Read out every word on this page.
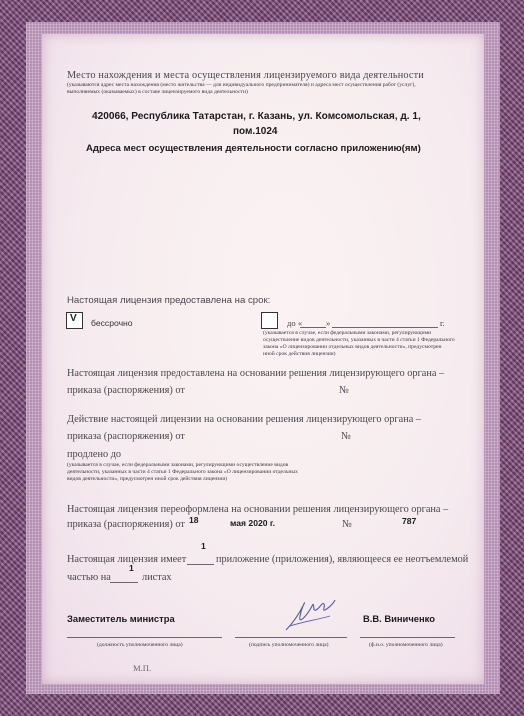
Место нахождения и места осуществления лицензируемого вида деятельности
(указываются адрес места нахождения (место жительства — для индивидуального предпринимателя) и адреса мест осуществления работ (услуг),
выполняемых (оказываемых) в составе лицензируемого вида деятельности)
420066, Республика Татарстан, г. Казань, ул. Комсомольская, д. 1,
пом.1024
Адреса мест осуществления деятельности согласно приложению(ям)
Настоящая лицензия предоставлена на срок:
V бессрочно	до «	»	г.
(указывается в случае, если федеральными законами, регулирующими
осуществление видов деятельности, указанных в части 4 статьи 1 Федерального
закона «О лицензировании отдельных видов деятельности», предусмотрен
иной срок действия лицензии)
Настоящая лицензия предоставлена на основании решения лицензирующего органа –
приказа (распоряжения) от	№
Действие настоящей лицензии на основании решения лицензирующего органа –
приказа (распоряжения) от	№
продлено до
(указывается в случае, если федеральными законами, регулирующими осуществление видов
деятельности, указанных в части 4 статьи 1 Федерального закона «О лицензировании отдельных
видов деятельности», предусмотрен иной срок действия лицензии)
Настоящая лицензия переоформлена на основании решения лицензирующего органа –
приказа (распоряжения) от 18	мая 2020 г.	№	787
1
Настоящая лицензия имеет	приложение (приложения), являющееся ее неотъемлемой
1
частью на	листах
Заместитель министра	В.В. Виниченко
(должность уполномоченного лица)	(подпись уполномоченного лица)	(ф.и.о. уполномоченного лица)
М.П.
